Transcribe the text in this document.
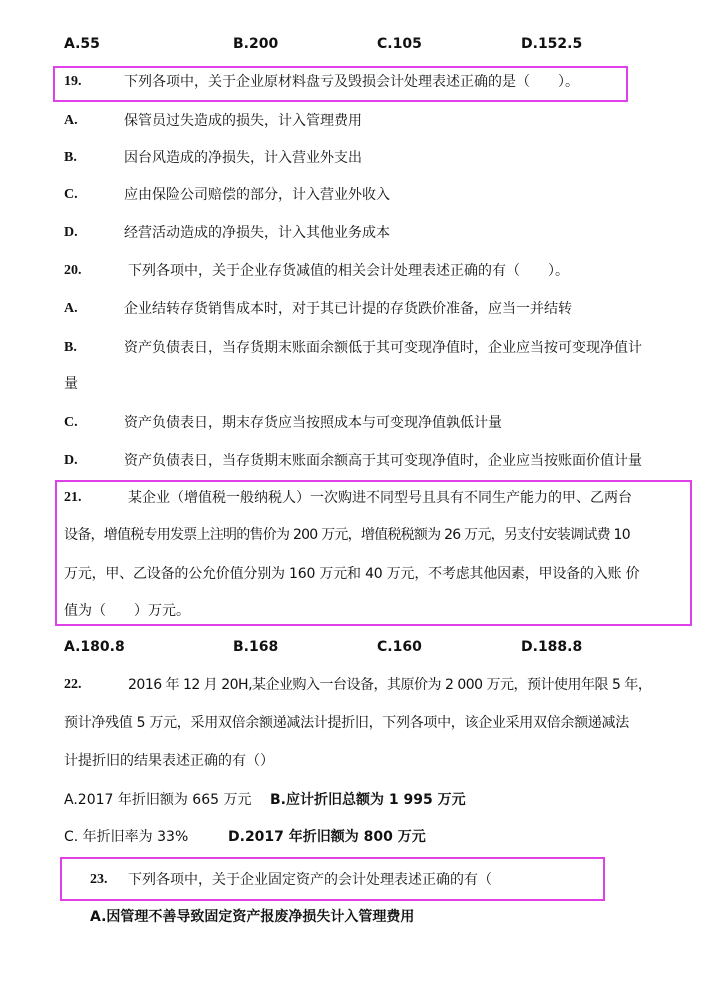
A.55	B.200	C.105	D.152.5
19.	下列各项中，关于企业原材料盘亏及毁损会计处理表述正确的是（　　）。
A.	保管员过失造成的损失，计入管理费用
B.	因台风造成的净损失，计入营业外支出
C.	应由保险公司赔偿的部分，计入营业外收入
D.	经营活动造成的净损失，计入其他业务成本
20.	下列各项中，关于企业存货减值的相关会计处理表述正确的有（　　）。
A.	企业结转存货销售成本时，对于其已计提的存货跌价准备，应当一并结转
B.	资产负债表日，当存货期末账面余额低于其可变现净值时，企业应当按可变现净值计
量
C.	资产负债表日，期末存货应当按照成本与可变现净值孰低计量
D.	资产负债表日，当存货期末账面余额高于其可变现净值时，企业应当按账面价值计量
21.	某企业（增值税一般纳税人）一次购进不同型号且具有不同生产能力的甲、乙两台
设备，增值税专用发票上注明的售价为 200 万元，增值税税额为 26 万元，另支付安装调试费 10
万元，甲、乙设备的公允价值分别为 160 万元和 40 万元，不考虑其他因素，甲设备的入账 价
值为（　　）万元。
A.180.8	B.168	C.160	D.188.8
22.	2016 年 12 月 20H,某企业购入一台设备，其原价为 2 000 万元，预计使用年限 5 年，
预计净残值 5 万元，采用双倍余额递减法计提折旧，下列各项中，该企业采用双倍余额递减法
计提折旧的结果表述正确的有（）
A.2017 年折旧额为 665 万元 B.应计折旧总额为 1 995 万元
C. 年折旧率为 33%	D.2017 年折旧额为 800 万元
23. 下列各项中，关于企业固定资产的会计处理表述正确的有（
A.因管理不善导致固定资产报废净损失计入管理费用
